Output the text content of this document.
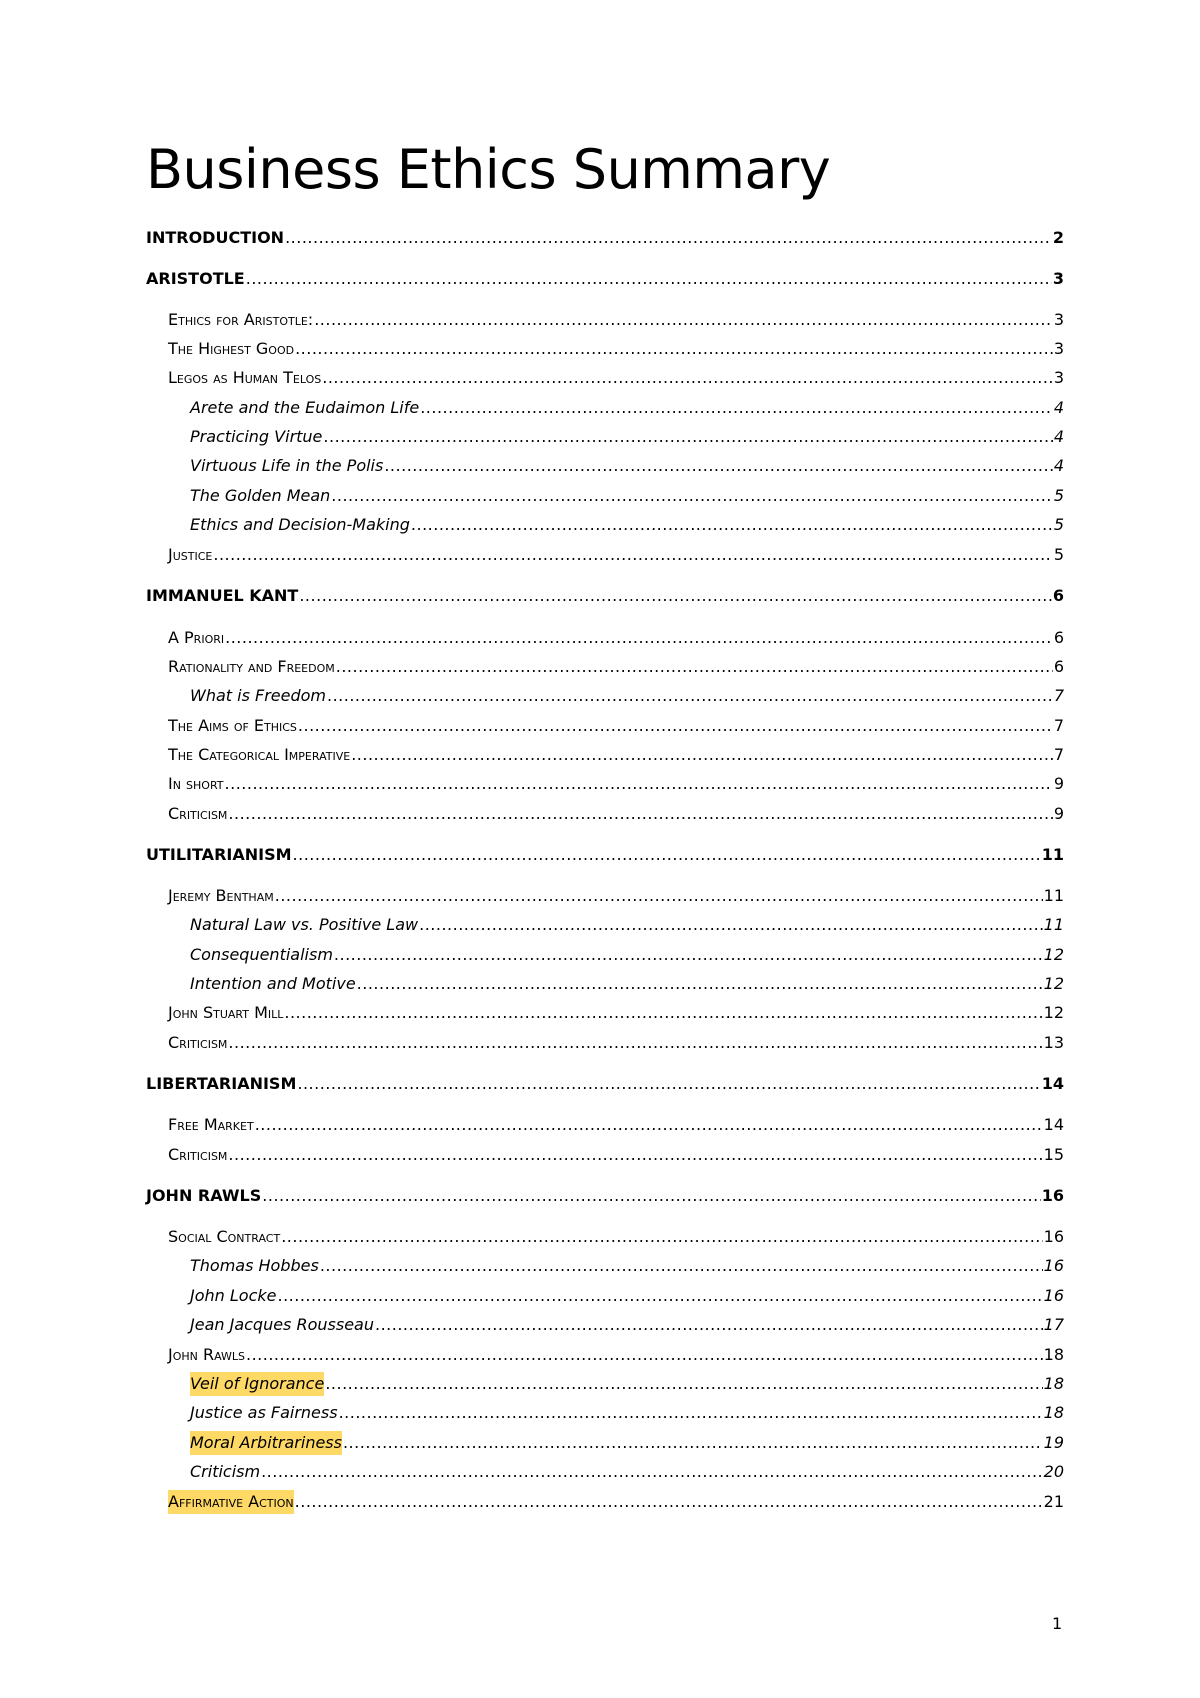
Business Ethics Summary
INTRODUCTION .....	2
ARISTOTLE .....	3
Ethics for Aristotle: .....	3
The Highest Good .....	3
Legos as Human Telos .....	3
Arete and the Eudaimon Life .....	4
Practicing Virtue .....	4
Virtuous Life in the Polis .....	4
The Golden Mean .....	5
Ethics and Decision-Making .....	5
Justice .....	5
IMMANUEL KANT .....	6
A Priori .....	6
Rationality and Freedom .....	6
What is Freedom .....	7
The Aims of Ethics .....	7
The Categorical Imperative .....	7
In short .....	9
Criticism .....	9
UTILITARIANISM .....	11
Jeremy Bentham .....	11
Natural Law vs. Positive Law .....	11
Consequentialism .....	12
Intention and Motive .....	12
John Stuart Mill .....	12
Criticism .....	13
LIBERTARIANISM .....	14
Free Market .....	14
Criticism .....	15
JOHN RAWLS .....	16
Social Contract .....	16
Thomas Hobbes .....	16
John Locke .....	16
Jean Jacques Rousseau .....	17
John Rawls .....	18
Veil of Ignorance .....	18
Justice as Fairness .....	18
Moral Arbitrariness .....	19
Criticism .....	20
Affirmative Action .....	21
1
